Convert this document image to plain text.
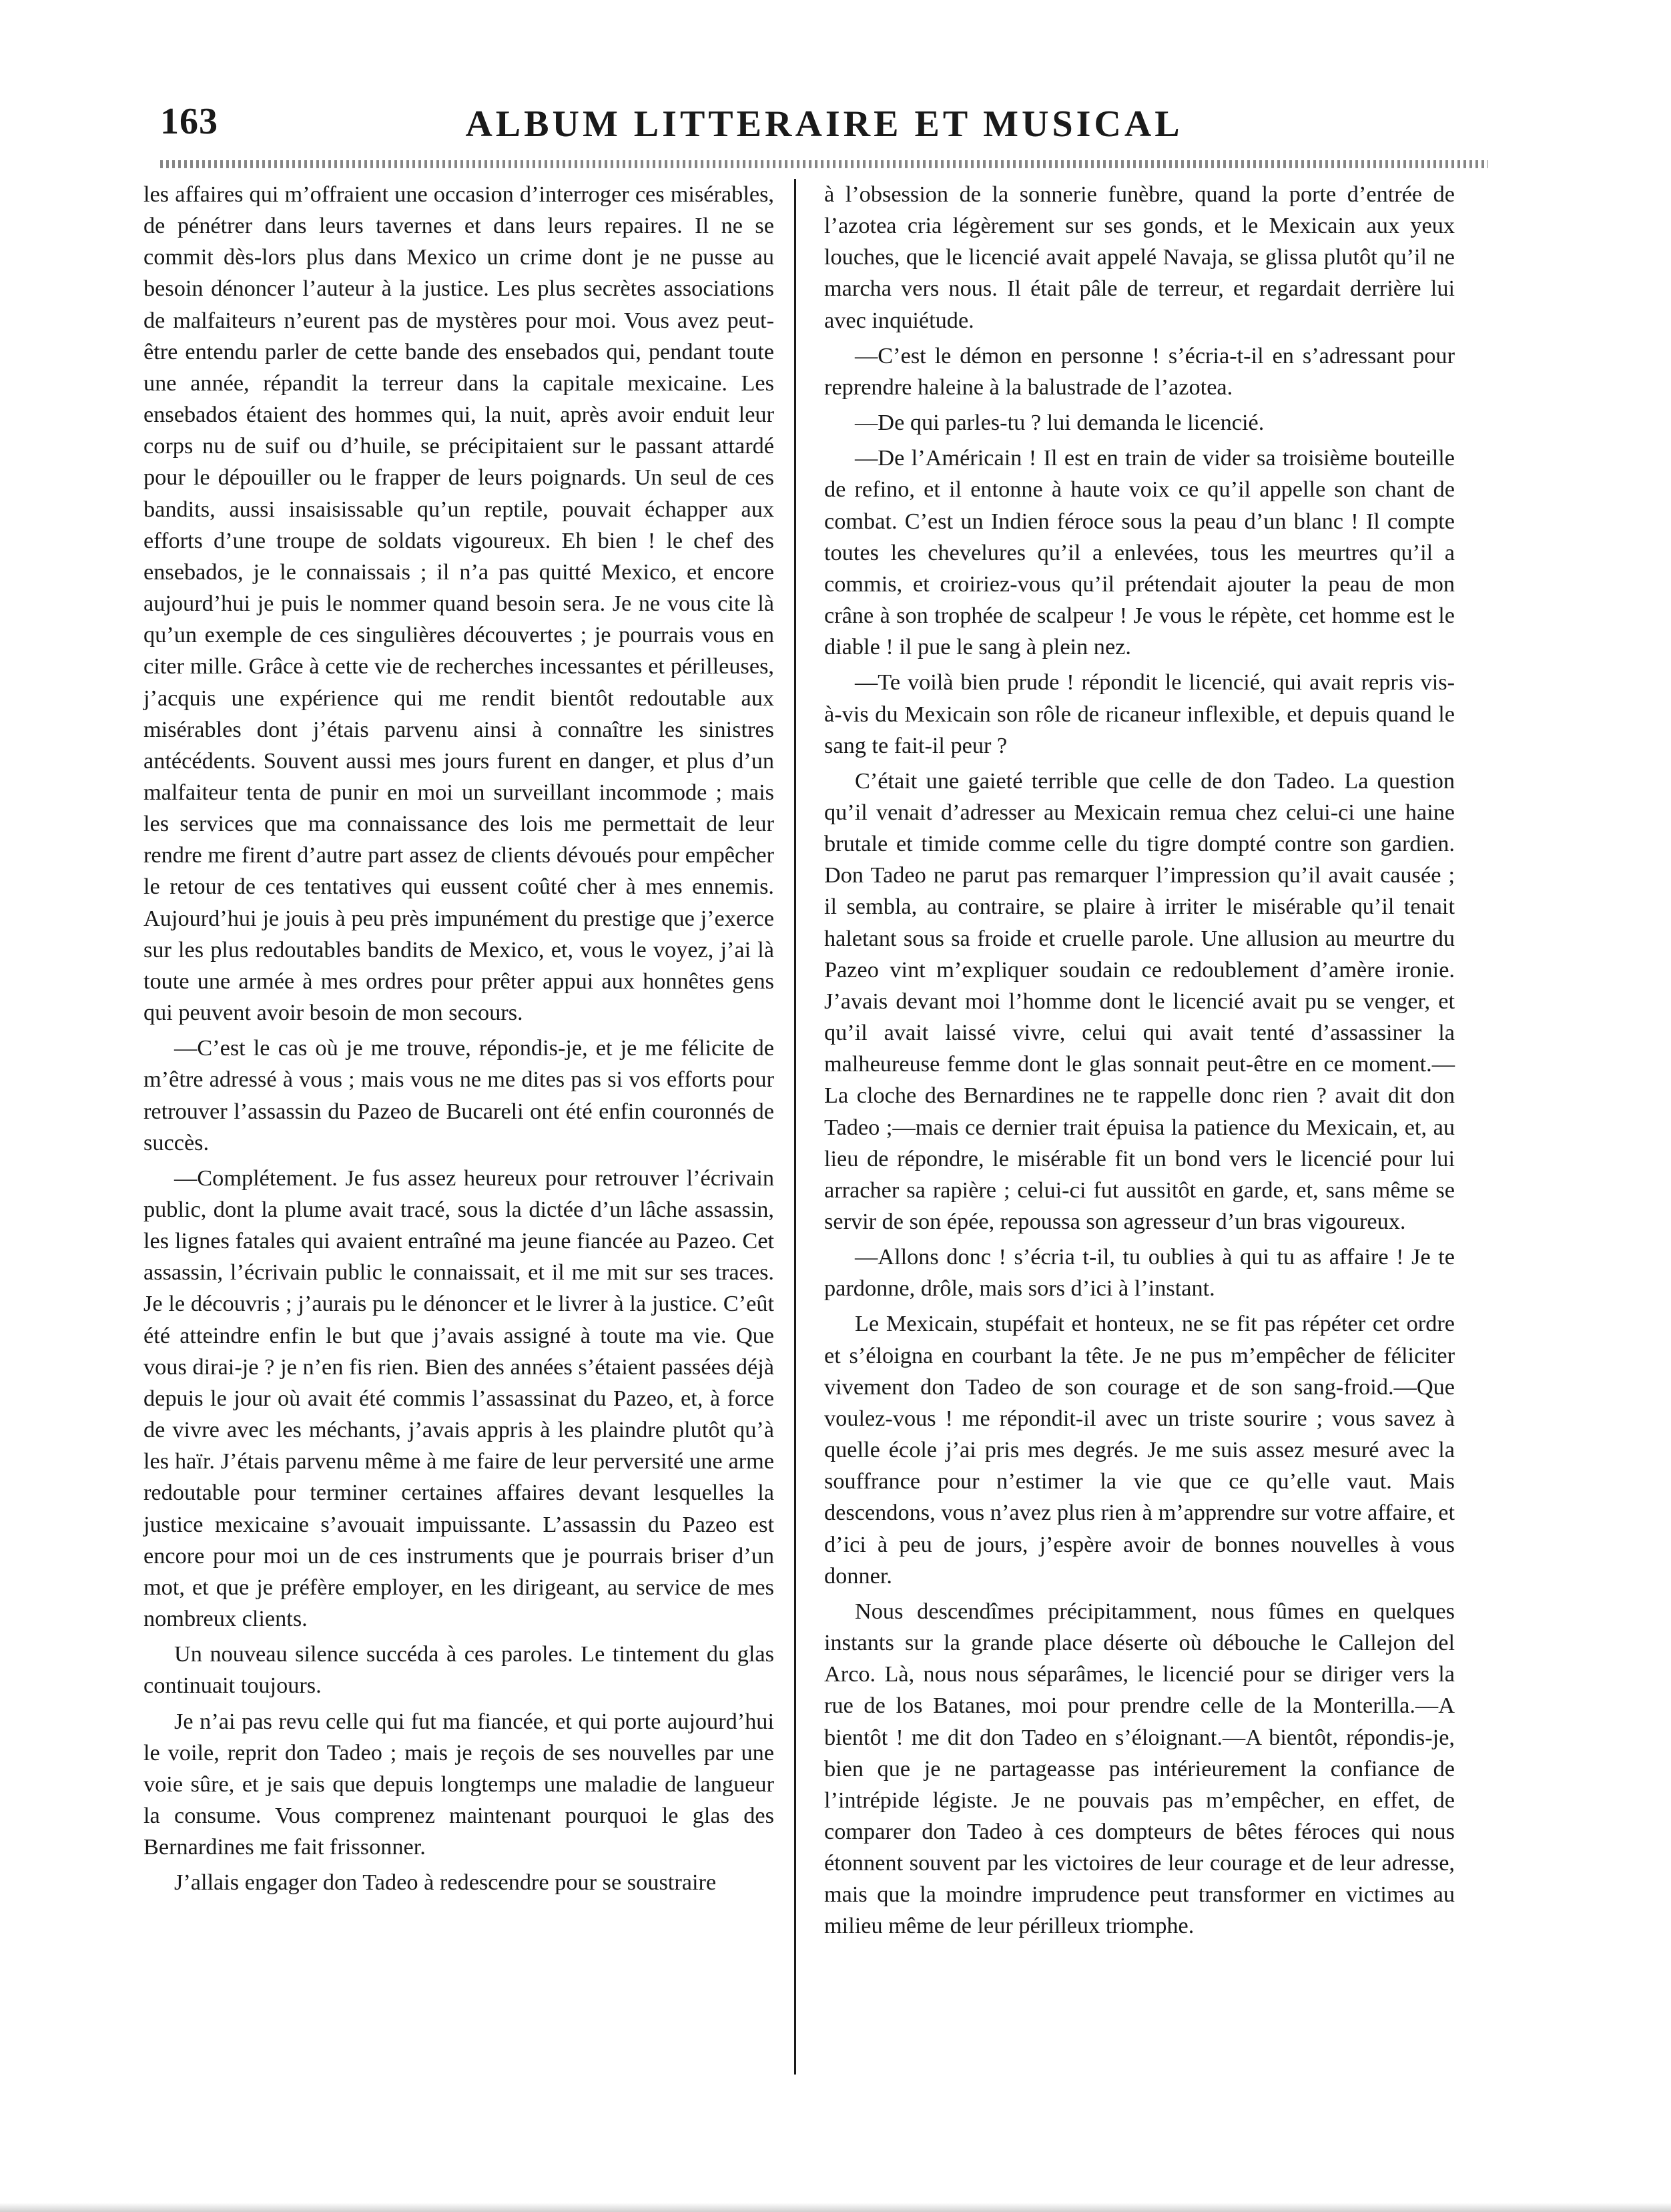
ALBUM LITTERAIRE ET MUSICAL
163

les affaires qui m’offraient une occasion d’interroger ces misérables, de pénétrer dans leurs tavernes et dans leurs repaires. Il ne se commit dès-lors plus dans Mexico un crime dont je ne pusse au besoin dénoncer l’auteur à la justice. Les plus secrètes associations de malfaiteurs n’eurent pas de mystères pour moi. Vous avez peut-être entendu parler de cette bande des ensebados qui, pendant toute une année, répandit la terreur dans la capitale mexicaine. Les ensebados étaient des hommes qui, la nuit, après avoir enduit leur corps nu de suif ou d’huile, se précipitaient sur le passant attardé pour le dépouiller ou le frapper de leurs poignards. Un seul de ces bandits, aussi insaisissable qu’un reptile, pouvait échapper aux efforts d’une troupe de soldats vigoureux. Eh bien ! le chef des ensebados, je le connaissais ; il n’a pas quitté Mexico, et encore aujourd’hui je puis le nommer quand besoin sera. Je ne vous cite là qu’un exemple de ces singulières découvertes ; je pourrais vous en citer mille. Grâce à cette vie de recherches incessantes et périlleuses, j’acquis une expérience qui me rendit bientôt redoutable aux misérables dont j’étais parvenu ainsi à connaître les sinistres antécédents. Souvent aussi mes jours furent en danger, et plus d’un malfaiteur tenta de punir en moi un surveillant incommode ; mais les services que ma connaissance des lois me permettait de leur rendre me firent d’autre part assez de clients dévoués pour empêcher le retour de ces tentatives qui eussent coûté cher à mes ennemis. Aujourd’hui je jouis à peu près impunément du prestige que j’exerce sur les plus redoutables bandits de Mexico, et, vous le voyez, j’ai là toute une armée à mes ordres pour prêter appui aux honnêtes gens qui peuvent avoir besoin de mon secours.

—C’est le cas où je me trouve, répondis-je, et je me félicite de m’être adressé à vous ; mais vous ne me dites pas si vos efforts pour retrouver l’assassin du Pazeo de Bucareli ont été enfin couronnés de succès.

—Complétement. Je fus assez heureux pour retrouver l’écrivain public, dont la plume avait tracé, sous la dictée d’un lâche assassin, les lignes fatales qui avaient entraîné ma jeune fiancée au Pazeo. Cet assassin, l’écrivain public le connaissait, et il me mit sur ses traces. Je le découvris ; j’aurais pu le dénoncer et le livrer à la justice. C’eût été atteindre enfin le but que j’avais assigné à toute ma vie. Que vous dirai-je ? je n’en fis rien. Bien des années s’étaient passées déjà depuis le jour où avait été commis l’assassinat du Pazeo, et, à force de vivre avec les méchants, j’avais appris à les plaindre plutôt qu’à les haïr. J’étais parvenu même à me faire de leur perversité une arme redoutable pour terminer certaines affaires devant lesquelles la justice mexicaine s’avouait impuissante. L’assassin du Pazeo est encore pour moi un de ces instruments que je pourrais briser d’un mot, et que je préfère employer, en les dirigeant, au service de mes nombreux clients.

Un nouveau silence succéda à ces paroles. Le tintement du glas continuait toujours.

Je n’ai pas revu celle qui fut ma fiancée, et qui porte aujourd’hui le voile, reprit don Tadeo ; mais je reçois de ses nouvelles par une voie sûre, et je sais que depuis longtemps une maladie de langueur la consume. Vous comprenez maintenant pourquoi le glas des Bernardines me fait frissonner.

J’allais engager don Tadeo à redescendre pour se soustraire

à l’obsession de la sonnerie funèbre, quand la porte d’entrée de l’azotea cria légèrement sur ses gonds, et le Mexicain aux yeux louches, que le licencié avait appelé Navaja, se glissa plutôt qu’il ne marcha vers nous. Il était pâle de terreur, et regardait derrière lui avec inquiétude.

—C’est le démon en personne ! s’écria-t-il en s’adressant pour reprendre haleine à la balustrade de l’azotea.

—De qui parles-tu ? lui demanda le licencié.

—De l’Américain ! Il est en train de vider sa troisième bouteille de refino, et il entonne à haute voix ce qu’il appelle son chant de combat. C’est un Indien féroce sous la peau d’un blanc ! Il compte toutes les chevelures qu’il a enlevées, tous les meurtres qu’il a commis, et croiriez-vous qu’il prétendait ajouter la peau de mon crâne à son trophée de scalpeur ! Je vous le répète, cet homme est le diable ! il pue le sang à plein nez.

—Te voilà bien prude ! répondit le licencié, qui avait repris vis-à-vis du Mexicain son rôle de ricaneur inflexible, et depuis quand le sang te fait-il peur ?

C’était une gaieté terrible que celle de don Tadeo. La question qu’il venait d’adresser au Mexicain remua chez celui-ci une haine brutale et timide comme celle du tigre dompté contre son gardien. Don Tadeo ne parut pas remarquer l’impression qu’il avait causée ; il sembla, au contraire, se plaire à irriter le misérable qu’il tenait haletant sous sa froide et cruelle parole. Une allusion au meurtre du Pazeo vint m’expliquer soudain ce redoublement d’amère ironie. J’avais devant moi l’homme dont le licencié avait pu se venger, et qu’il avait laissé vivre, celui qui avait tenté d’assassiner la malheureuse femme dont le glas sonnait peut-être en ce moment.—La cloche des Bernardines ne te rappelle donc rien ? avait dit don Tadeo ;—mais ce dernier trait épuisa la patience du Mexicain, et, au lieu de répondre, le misérable fit un bond vers le licencié pour lui arracher sa rapière ; celui-ci fut aussitôt en garde, et, sans même se servir de son épée, repoussa son agresseur d’un bras vigoureux.

—Allons donc ! s’écria t-il, tu oublies à qui tu as affaire ! Je te pardonne, drôle, mais sors d’ici à l’instant.

Le Mexicain, stupéfait et honteux, ne se fit pas répéter cet ordre et s’éloigna en courbant la tête. Je ne pus m’empêcher de féliciter vivement don Tadeo de son courage et de son sang-froid.—Que voulez-vous ! me répondit-il avec un triste sourire ; vous savez à quelle école j’ai pris mes degrés. Je me suis assez mesuré avec la souffrance pour n’estimer la vie que ce qu’elle vaut. Mais descendons, vous n’avez plus rien à m’apprendre sur votre affaire, et d’ici à peu de jours, j’espère avoir de bonnes nouvelles à vous donner.

Nous descendîmes précipitamment, nous fûmes en quelques instants sur la grande place déserte où débouche le Callejon del Arco. Là, nous nous séparâmes, le licencié pour se diriger vers la rue de los Batanes, moi pour prendre celle de la Monterilla.—A bientôt ! me dit don Tadeo en s’éloignant.—A bientôt, répondis-je, bien que je ne partageasse pas intérieurement la confiance de l’intrépide légiste. Je ne pouvais pas m’empêcher, en effet, de comparer don Tadeo à ces dompteurs de bêtes féroces qui nous étonnent souvent par les victoires de leur courage et de leur adresse, mais que la moindre imprudence peut transformer en victimes au milieu même de leur périlleux triomphe.
